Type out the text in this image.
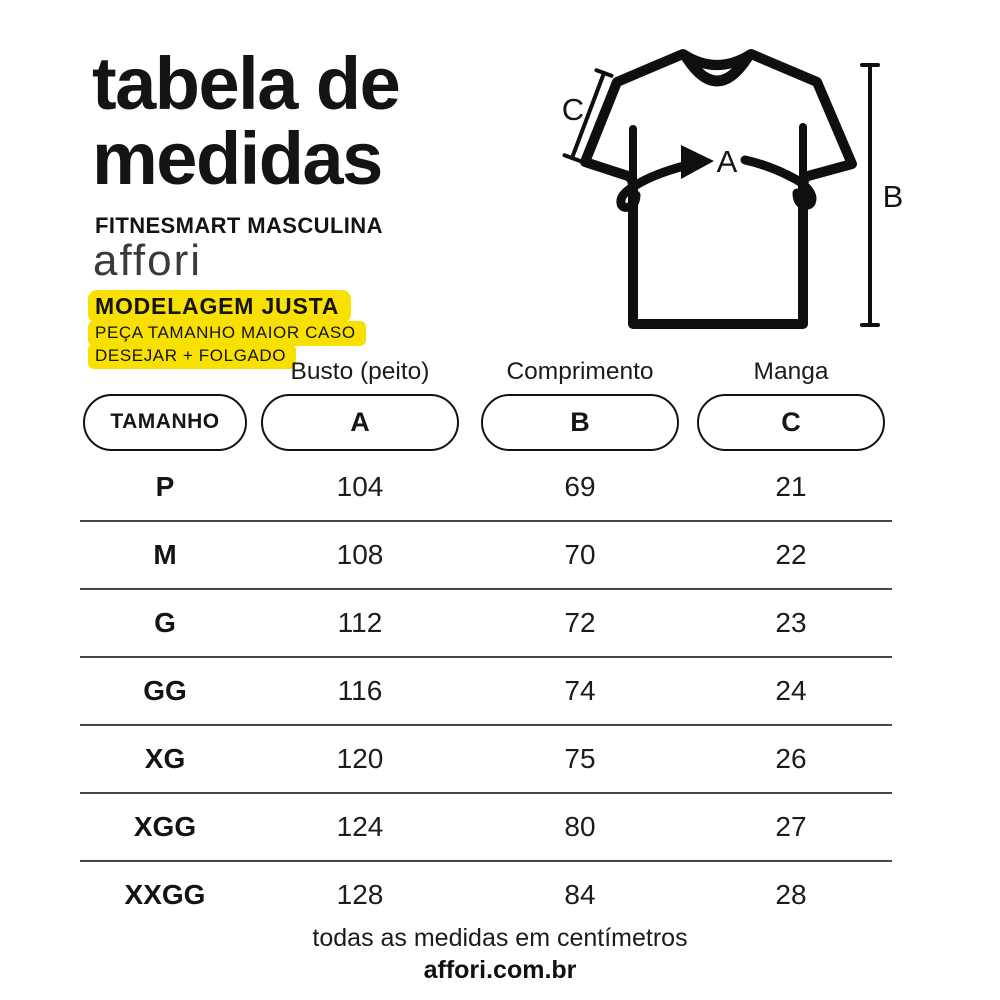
tabela de
medidas
FITNESMART MASCULINA
affori
MODELAGEM JUSTA
PEÇA TAMANHO MAIOR CASO
DESEJAR + FOLGADO
A
B
C
Busto (peito)	Comprimento	Manga
TAMANHO	A	B	C
P	104	69	21
M	108	70	22
G	112	72	23
GG	116	74	24
XG	120	75	26
XGG	124	80	27
XXGG	128	84	28
todas as medidas em centímetros
affori.com.br
